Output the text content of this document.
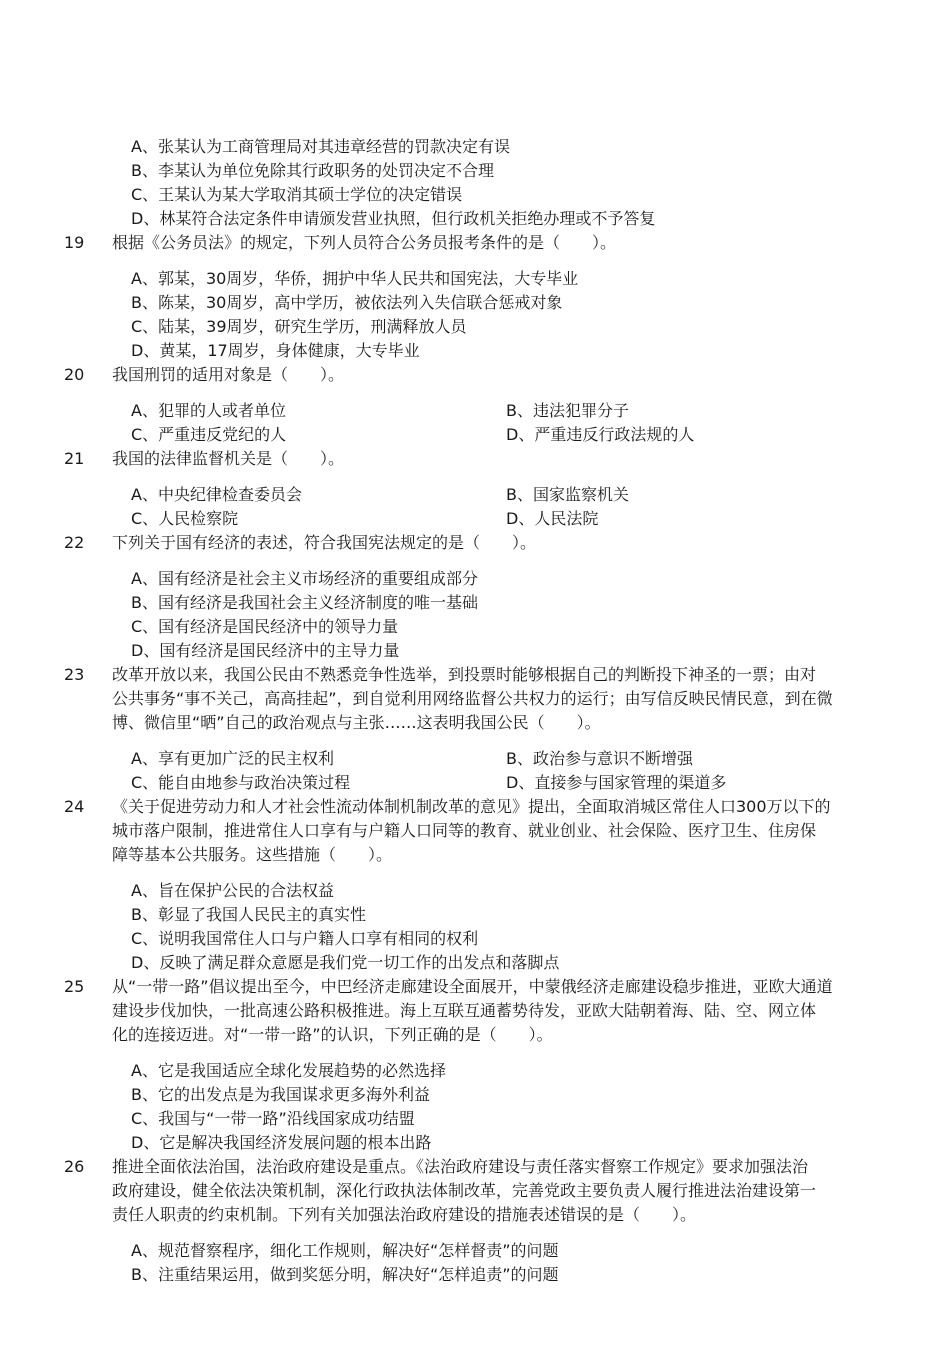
A、张某认为工商管理局对其违章经营的罚款决定有误
B、李某认为单位免除其行政职务的处罚决定不合理
C、王某认为某大学取消其硕士学位的决定错误
D、林某符合法定条件申请颁发营业执照，但行政机关拒绝办理或不予答复
19	根据《公务员法》的规定，下列人员符合公务员报考条件的是（　　）。
A、郭某，30周岁，华侨，拥护中华人民共和国宪法，大专毕业
B、陈某，30周岁，高中学历，被依法列入失信联合惩戒对象
C、陆某，39周岁，研究生学历，刑满释放人员
D、黄某，17周岁，身体健康，大专毕业
20	我国刑罚的适用对象是（　　）。
A、犯罪的人或者单位	B、违法犯罪分子
C、严重违反党纪的人	D、严重违反行政法规的人
21	我国的法律监督机关是（　　）。
A、中央纪律检查委员会	B、国家监察机关
C、人民检察院	D、人民法院
22	下列关于国有经济的表述，符合我国宪法规定的是（　　）。
A、国有经济是社会主义市场经济的重要组成部分
B、国有经济是我国社会主义经济制度的唯一基础
C、国有经济是国民经济中的领导力量
D、国有经济是国民经济中的主导力量
23	改革开放以来，我国公民由不熟悉竞争性选举，到投票时能够根据自己的判断投下神圣的一票；由对
公共事务“事不关己，高高挂起”，到自觉利用网络监督公共权力的运行；由写信反映民情民意，到在微
博、微信里“晒”自己的政治观点与主张……这表明我国公民（　　）。
A、享有更加广泛的民主权利	B、政治参与意识不断增强
C、能自由地参与政治决策过程	D、直接参与国家管理的渠道多
24	《关于促进劳动力和人才社会性流动体制机制改革的意见》提出，全面取消城区常住人口300万以下的
城市落户限制，推进常住人口享有与户籍人口同等的教育、就业创业、社会保险、医疗卫生、住房保
障等基本公共服务。这些措施（　　）。
A、旨在保护公民的合法权益
B、彰显了我国人民民主的真实性
C、说明我国常住人口与户籍人口享有相同的权利
D、反映了满足群众意愿是我们党一切工作的出发点和落脚点
25	从“一带一路”倡议提出至今，中巴经济走廊建设全面展开，中蒙俄经济走廊建设稳步推进，亚欧大通道
建设步伐加快，一批高速公路积极推进。海上互联互通蓄势待发，亚欧大陆朝着海、陆、空、网立体
化的连接迈进。对“一带一路”的认识，下列正确的是（　　）。
A、它是我国适应全球化发展趋势的必然选择
B、它的出发点是为我国谋求更多海外利益
C、我国与“一带一路”沿线国家成功结盟
D、它是解决我国经济发展问题的根本出路
26	推进全面依法治国，法治政府建设是重点。《法治政府建设与责任落实督察工作规定》要求加强法治
政府建设，健全依法决策机制，深化行政执法体制改革，完善党政主要负责人履行推进法治建设第一
责任人职责的约束机制。下列有关加强法治政府建设的措施表述错误的是（　　）。
A、规范督察程序，细化工作规则，解决好“怎样督责”的问题
B、注重结果运用，做到奖惩分明，解决好“怎样追责”的问题
